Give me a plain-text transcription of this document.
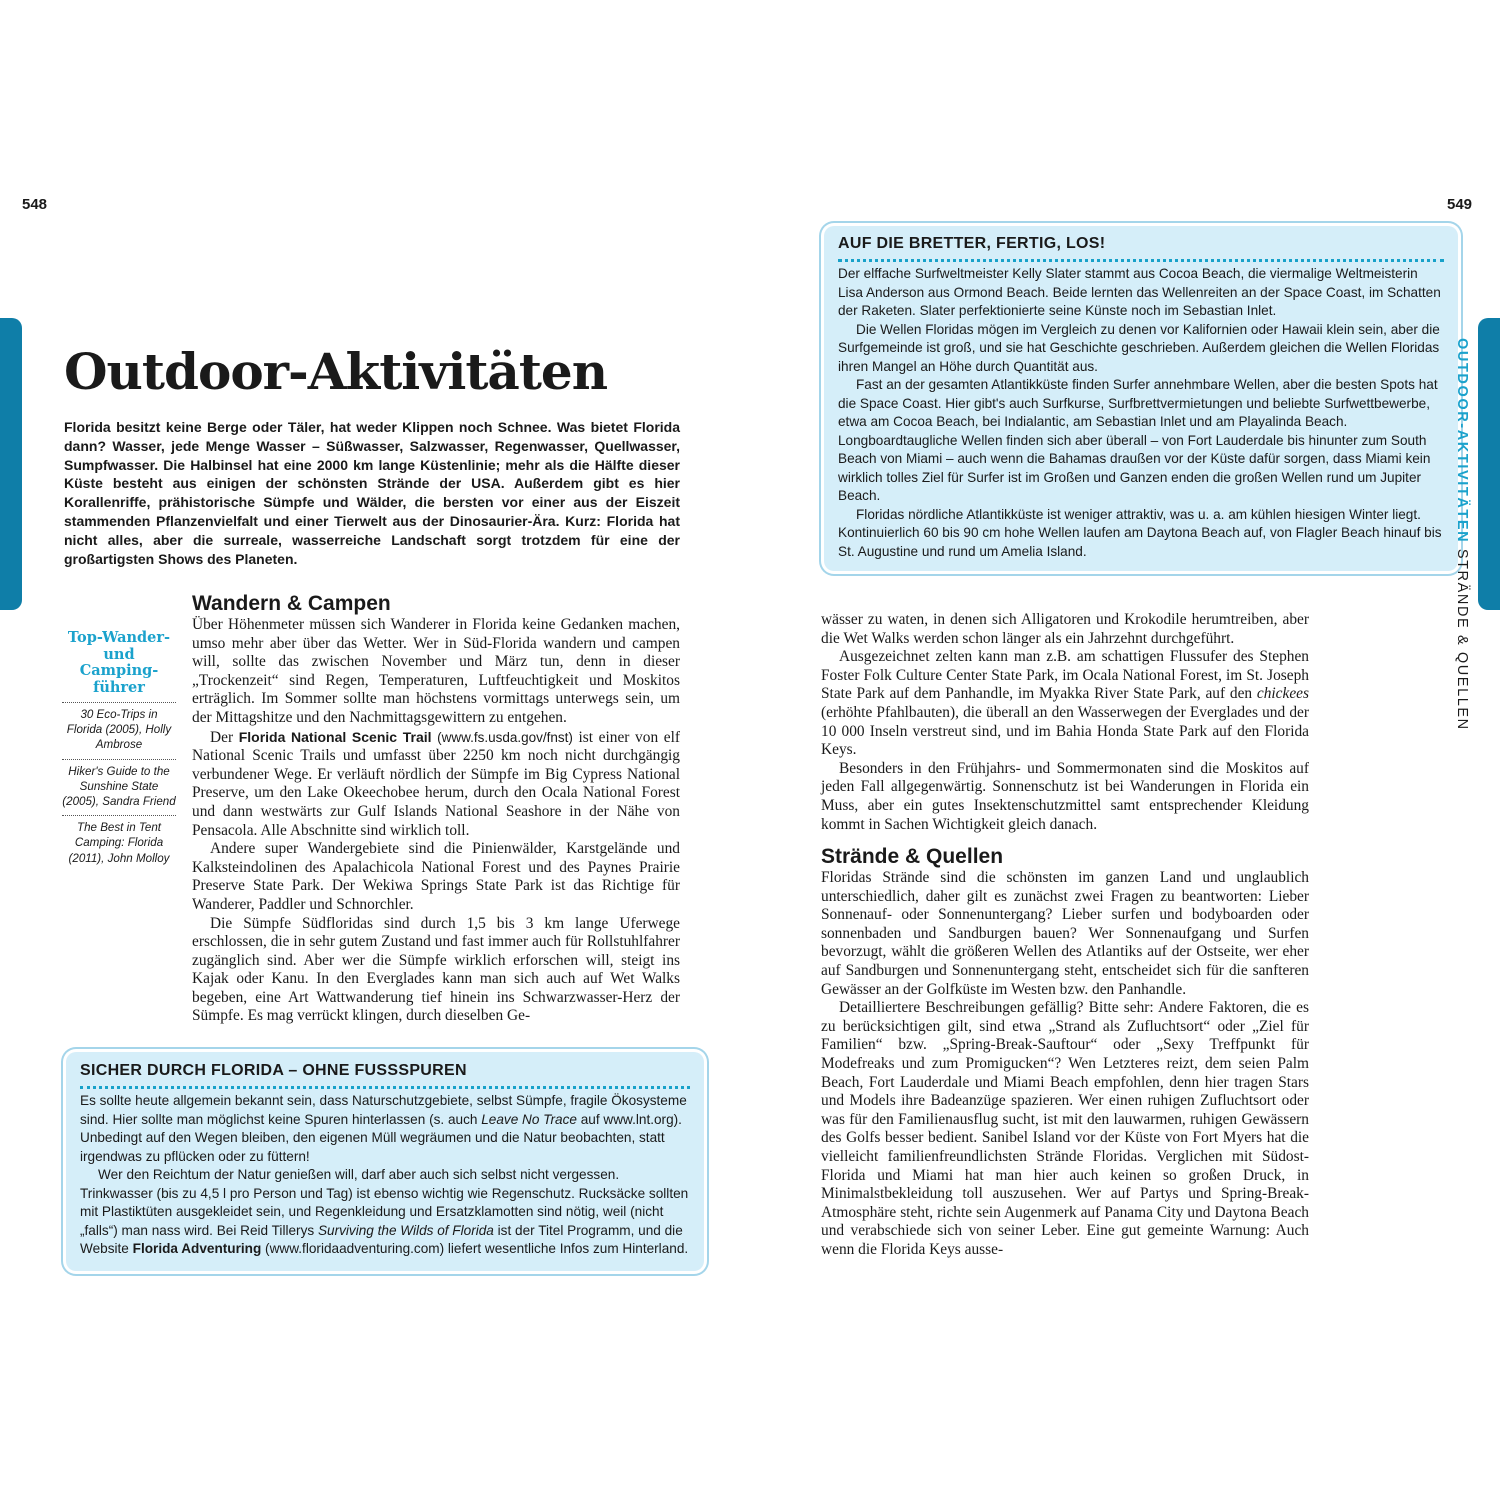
548	549
Outdoor-Aktivitäten

Florida besitzt keine Berge oder Täler, hat weder Klippen noch Schnee. Was bietet Florida dann? Wasser, jede Menge Wasser – Süßwasser, Salzwasser, Regenwasser, Quellwasser, Sumpfwasser. Die Halbinsel hat eine 2000 km lange Küstenlinie; mehr als die Hälfte dieser Küste besteht aus einigen der schönsten Strände der USA. Außerdem gibt es hier Korallenriffe, prähistorische Sümpfe und Wälder, die bersten vor einer aus der Eiszeit stammenden Pflanzenvielfalt und einer Tierwelt aus der Dinosaurier-Ära. Kurz: Florida hat nicht alles, aber die surreale, wasserreiche Landschaft sorgt trotzdem für eine der großartigsten Shows des Planeten.

Top-Wander- und Camping-führer
30 Eco-Trips in Florida (2005), Holly Ambrose
Hiker's Guide to the Sunshine State (2005), Sandra Friend
The Best in Tent Camping: Florida (2011), John Molloy
Wandern & Campen

Über Höhenmeter müssen sich Wanderer in Florida keine Gedanken machen, umso mehr aber über das Wetter. Wer in Süd-Florida wandern und campen will, sollte das zwischen November und März tun, denn in dieser „Trockenzeit“ sind Regen, Temperaturen, Luftfeuchtigkeit und Moskitos erträglich. Im Sommer sollte man höchstens vormittags unterwegs sein, um der Mittagshitze und den Nachmittagsgewittern zu entgehen.

Der Florida National Scenic Trail (www.fs.usda.gov/fnst) ist einer von elf National Scenic Trails und umfasst über 2250 km noch nicht durchgängig verbundener Wege. Er verläuft nördlich der Sümpfe im Big Cypress National Preserve, um den Lake Okeechobee herum, durch den Ocala National Forest und dann westwärts zur Gulf Islands National Seashore in der Nähe von Pensacola. Alle Abschnitte sind wirklich toll.

Andere super Wandergebiete sind die Pinienwälder, Karstgelände und Kalksteindolinen des Apalachicola National Forest und des Paynes Prairie Preserve State Park. Der Wekiwa Springs State Park ist das Richtige für Wanderer, Paddler und Schnorchler.

Die Sümpfe Südfloridas sind durch 1,5 bis 3 km lange Uferwege erschlossen, die in sehr gutem Zustand und fast immer auch für Rollstuhlfahrer zugänglich sind. Aber wer die Sümpfe wirklich erforschen will, steigt ins Kajak oder Kanu. In den Everglades kann man sich auch auf Wet Walks begeben, eine Art Wattwanderung tief hinein ins Schwarzwasser-Herz der Sümpfe. Es mag verrückt klingen, durch dieselben Ge-

SICHER DURCH FLORIDA – OHNE FUSSSPUREN

Es sollte heute allgemein bekannt sein, dass Naturschutzgebiete, selbst Sümpfe, fragile Ökosysteme sind. Hier sollte man möglichst keine Spuren hinterlassen (s. auch Leave No Trace auf www.lnt.org). Unbedingt auf den Wegen bleiben, den eigenen Müll wegräumen und die Natur beobachten, statt irgendwas zu pflücken oder zu füttern!

Wer den Reichtum der Natur genießen will, darf aber auch sich selbst nicht vergessen. Trinkwasser (bis zu 4,5 l pro Person und Tag) ist ebenso wichtig wie Regenschutz. Rucksäcke sollten mit Plastiktüten ausgekleidet sein, und Regenkleidung und Ersatzklamotten sind nötig, weil (nicht „falls“) man nass wird. Bei Reid Tillerys Surviving the Wilds of Florida ist der Titel Programm, und die Website Florida Adventuring (www.floridaadventuring.com) liefert wesentliche Infos zum Hinterland.

AUF DIE BRETTER, FERTIG, LOS!

Der elffache Surfweltmeister Kelly Slater stammt aus Cocoa Beach, die viermalige Weltmeisterin Lisa Anderson aus Ormond Beach. Beide lernten das Wellenreiten an der Space Coast, im Schatten der Raketen. Slater perfektionierte seine Künste noch im Sebastian Inlet.

Die Wellen Floridas mögen im Vergleich zu denen vor Kalifornien oder Hawaii klein sein, aber die Surfgemeinde ist groß, und sie hat Geschichte geschrieben. Außerdem gleichen die Wellen Floridas ihren Mangel an Höhe durch Quantität aus.

Fast an der gesamten Atlantikküste finden Surfer annehmbare Wellen, aber die besten Spots hat die Space Coast. Hier gibt's auch Surfkurse, Surfbrettvermietungen und beliebte Surfwettbewerbe, etwa am Cocoa Beach, bei Indialantic, am Sebastian Inlet und am Playalinda Beach. Longboardtaugliche Wellen finden sich aber überall – von Fort Lauderdale bis hinunter zum South Beach von Miami – auch wenn die Bahamas draußen vor der Küste dafür sorgen, dass Miami kein wirklich tolles Ziel für Surfer ist im Großen und Ganzen enden die großen Wellen rund um Jupiter Beach.

Floridas nördliche Atlantikküste ist weniger attraktiv, was u. a. am kühlen hiesigen Winter liegt. Kontinuierlich 60 bis 90 cm hohe Wellen laufen am Daytona Beach auf, von Flagler Beach hinauf bis St. Augustine und rund um Amelia Island.

wässer zu waten, in denen sich Alligatoren und Krokodile herumtreiben, aber die Wet Walks werden schon länger als ein Jahrzehnt durchgeführt.

Ausgezeichnet zelten kann man z.B. am schattigen Flussufer des Stephen Foster Folk Culture Center State Park, im Ocala National Forest, im St. Joseph State Park auf dem Panhandle, im Myakka River State Park, auf den chickees (erhöhte Pfahlbauten), die überall an den Wasserwegen der Everglades und der 10 000 Inseln verstreut sind, und im Bahia Honda State Park auf den Florida Keys.

Besonders in den Frühjahrs- und Sommermonaten sind die Moskitos auf jeden Fall allgegenwärtig. Sonnenschutz ist bei Wanderungen in Florida ein Muss, aber ein gutes Insektenschutzmittel samt entsprechender Kleidung kommt in Sachen Wichtigkeit gleich danach.

Strände & Quellen

Floridas Strände sind die schönsten im ganzen Land und unglaublich unterschiedlich, daher gilt es zunächst zwei Fragen zu beantworten: Lieber Sonnenauf- oder Sonnenuntergang? Lieber surfen und bodyboarden oder sonnenbaden und Sandburgen bauen? Wer Sonnenaufgang und Surfen bevorzugt, wählt die größeren Wellen des Atlantiks auf der Ostseite, wer eher auf Sandburgen und Sonnenuntergang steht, entscheidet sich für die sanfteren Gewässer an der Golfküste im Westen bzw. den Panhandle.

Detailliertere Beschreibungen gefällig? Bitte sehr: Andere Faktoren, die es zu berücksichtigen gilt, sind etwa „Strand als Zufluchtsort“ oder „Ziel für Familien“ bzw. „Spring-Break-Sauftour“ oder „Sexy Treffpunkt für Modefreaks und zum Promigucken“? Wen Letzteres reizt, dem seien Palm Beach, Fort Lauderdale und Miami Beach empfohlen, denn hier tragen Stars und Models ihre Badeanzüge spazieren. Wer einen ruhigen Zufluchtsort oder was für den Familienausflug sucht, ist mit den lauwarmen, ruhigen Gewässern des Golfs besser bedient. Sanibel Island vor der Küste von Fort Myers hat die vielleicht familienfreundlichsten Strände Floridas. Verglichen mit Südost-Florida und Miami hat man hier auch keinen so großen Druck, in Minimalstbekleidung toll auszusehen. Wer auf Partys und Spring-Break-Atmosphäre steht, richte sein Augenmerk auf Panama City und Daytona Beach und verabschiede sich von seiner Leber. Eine gut gemeinte Warnung: Auch wenn die Florida Keys ausse-

OUTDOOR-AKTIVITÄTEN STRÄNDE & QUELLEN
